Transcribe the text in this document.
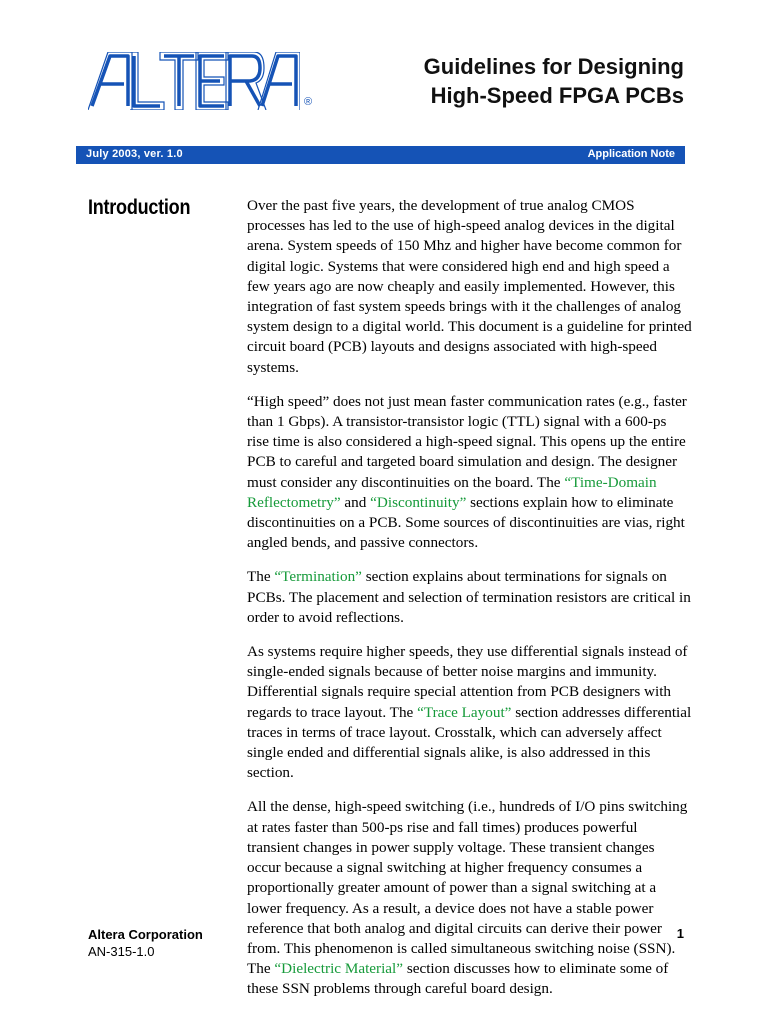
®
Guidelines for Designing
High-Speed FPGA PCBs
July 2003, ver. 1.0	Application Note
Introduction	Over the past five years, the development of true analog CMOS processes has led to the use of high-speed analog devices in the digital arena. System speeds of 150 Mhz and higher have become common for digital logic. Systems that were considered high end and high speed a few years ago are now cheaply and easily implemented. However, this integration of fast system speeds brings with it the challenges of analog system design to a digital world. This document is a guideline for printed circuit board (PCB) layouts and designs associated with high-speed systems.

“High speed” does not just mean faster communication rates (e.g., faster than 1 Gbps). A transistor-transistor logic (TTL) signal with a 600-ps rise time is also considered a high-speed signal. This opens up the entire PCB to careful and targeted board simulation and design. The designer must consider any discontinuities on the board. The “Time-Domain Reflectometry” and “Discontinuity” sections explain how to eliminate discontinuities on a PCB. Some sources of discontinuities are vias, right angled bends, and passive connectors.

The “Termination” section explains about terminations for signals on PCBs. The placement and selection of termination resistors are critical in order to avoid reflections.

As systems require higher speeds, they use differential signals instead of single-ended signals because of better noise margins and immunity. Differential signals require special attention from PCB designers with regards to trace layout. The “Trace Layout” section addresses differential traces in terms of trace layout. Crosstalk, which can adversely affect single ended and differential signals alike, is also addressed in this section.

All the dense, high-speed switching (i.e., hundreds of I/O pins switching at rates faster than 500-ps rise and fall times) produces powerful transient changes in power supply voltage. These transient changes occur because a signal switching at higher frequency consumes a proportionally greater amount of power than a signal switching at a lower frequency. As a result, a device does not have a stable power reference that both analog and digital circuits can derive their power from. This phenomenon is called simultaneous switching noise (SSN). The “Dielectric Material” section discusses how to eliminate some of these SSN problems through careful board design.

Altera Corporation
AN-315-1.0
1
